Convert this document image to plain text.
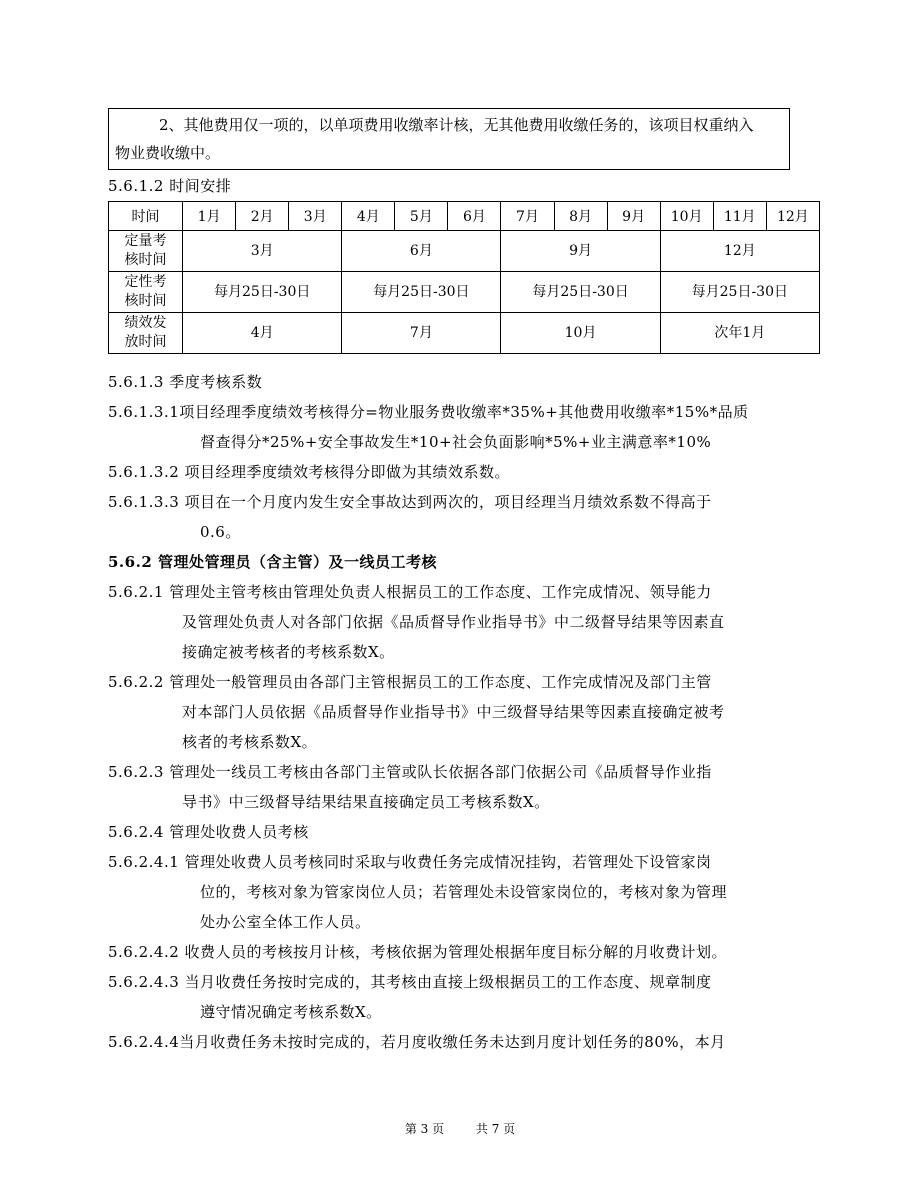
2、其他费用仅一项的，以单项费用收缴率计核，无其他费用收缴任务的，该项目权重纳入
物业费收缴中。
5.6.1.2 时间安排
时间	1月	2月	3月	4月	5月	6月	7月	8月	9月	10月	11月	12月
定量考
核时间	3月			6月			9月			12月		
定性考
核时间	每月25日-30日			每月25日-30日			每月25日-30日			每月25日-30日		
绩效发
放时间	4月			7月			10月			次年1月		
5.6.1.3 季度考核系数
5.6.1.3.1项目经理季度绩效考核得分=物业服务费收缴率*35%+其他费用收缴率*15%*品质
督查得分*25%+安全事故发生*10+社会负面影响*5%+业主满意率*10%
5.6.1.3.2 项目经理季度绩效考核得分即做为其绩效系数。
5.6.1.3.3 项目在一个月度内发生安全事故达到两次的，项目经理当月绩效系数不得高于
0.6。
5.6.2 管理处管理员（含主管）及一线员工考核
5.6.2.1 管理处主管考核由管理处负责人根据员工的工作态度、工作完成情况、领导能力
及管理处负责人对各部门依据《品质督导作业指导书》中二级督导结果等因素直
接确定被考核者的考核系数X。
5.6.2.2 管理处一般管理员由各部门主管根据员工的工作态度、工作完成情况及部门主管
对本部门人员依据《品质督导作业指导书》中三级督导结果等因素直接确定被考
核者的考核系数X。
5.6.2.3 管理处一线员工考核由各部门主管或队长依据各部门依据公司《品质督导作业指
导书》中三级督导结果结果直接确定员工考核系数X。
5.6.2.4 管理处收费人员考核
5.6.2.4.1 管理处收费人员考核同时采取与收费任务完成情况挂钩，若管理处下设管家岗
位的，考核对象为管家岗位人员；若管理处未设管家岗位的，考核对象为管理
处办公室全体工作人员。
5.6.2.4.2 收费人员的考核按月计核，考核依据为管理处根据年度目标分解的月收费计划。
5.6.2.4.3 当月收费任务按时完成的，其考核由直接上级根据员工的工作态度、规章制度
遵守情况确定考核系数X。
5.6.2.4.4当月收费任务未按时完成的，若月度收缴任务未达到月度计划任务的80%，本月
第 3 页	共 7 页
